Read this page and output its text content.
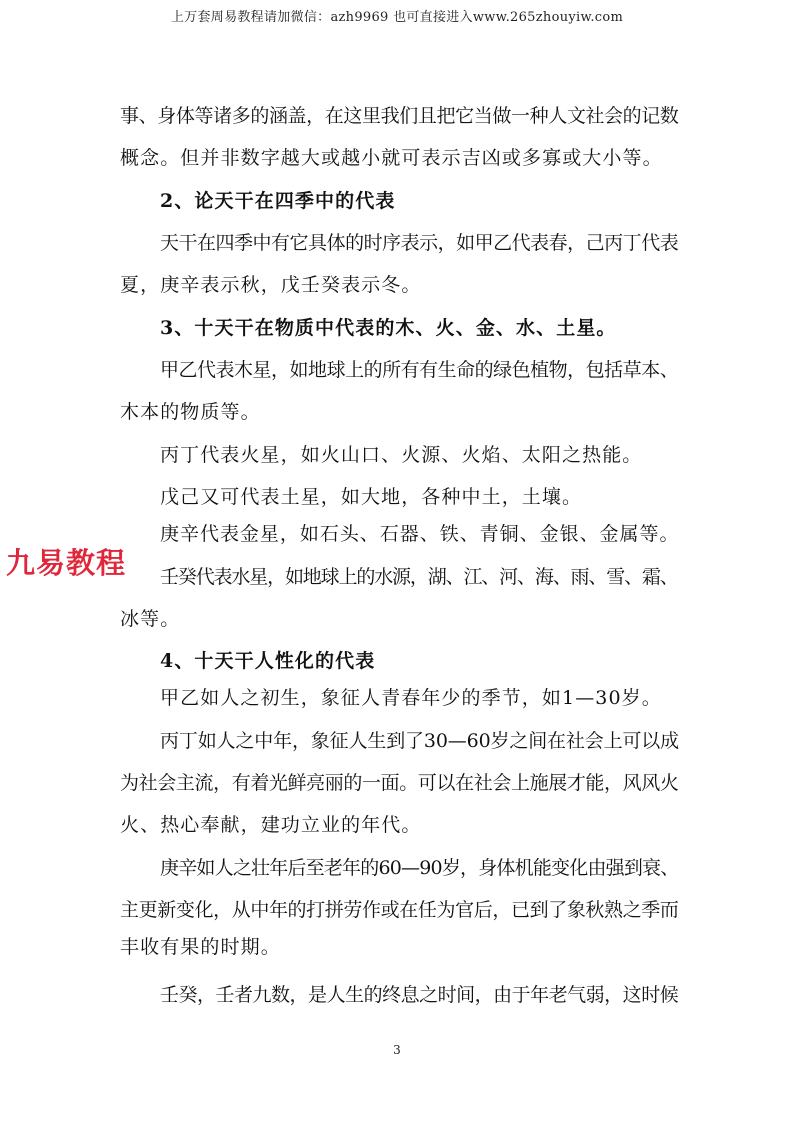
上万套周易教程请加微信：azh9969 也可直接进入www.265zhouyiw.com
九易教程
事、身体等诸多的涵盖，在这里我们且把它当做一种人文社会的记数
概念。但并非数字越大或越小就可表示吉凶或多寡或大小等。
2、论天干在四季中的代表
天干在四季中有它具体的时序表示，如甲乙代表春，己丙丁代表
夏，庚辛表示秋，戊壬癸表示冬。
3、十天干在物质中代表的木、火、金、水、土星。
甲乙代表木星，如地球上的所有有生命的绿色植物，包括草本、
木本的物质等。
丙丁代表火星，如火山口、火源、火焰、太阳之热能。
戊己又可代表土星，如大地，各种中土，土壤。
庚辛代表金星，如石头、石器、铁、青铜、金银、金属等。
壬癸代表水星，如地球上的水源，湖、江、河、海、雨、雪、霜、
冰等。
4、十天干人性化的代表
甲乙如人之初生，象征人青春年少的季节，如1—30岁。
丙丁如人之中年，象征人生到了30—60岁之间在社会上可以成
为社会主流，有着光鲜亮丽的一面。可以在社会上施展才能，风风火
火、热心奉献，建功立业的年代。
庚辛如人之壮年后至老年的60—90岁，身体机能变化由强到衰、
主更新变化，从中年的打拼劳作或在任为官后，已到了象秋熟之季而
丰收有果的时期。
壬癸，壬者九数，是人生的终息之时间，由于年老气弱，这时候
3
